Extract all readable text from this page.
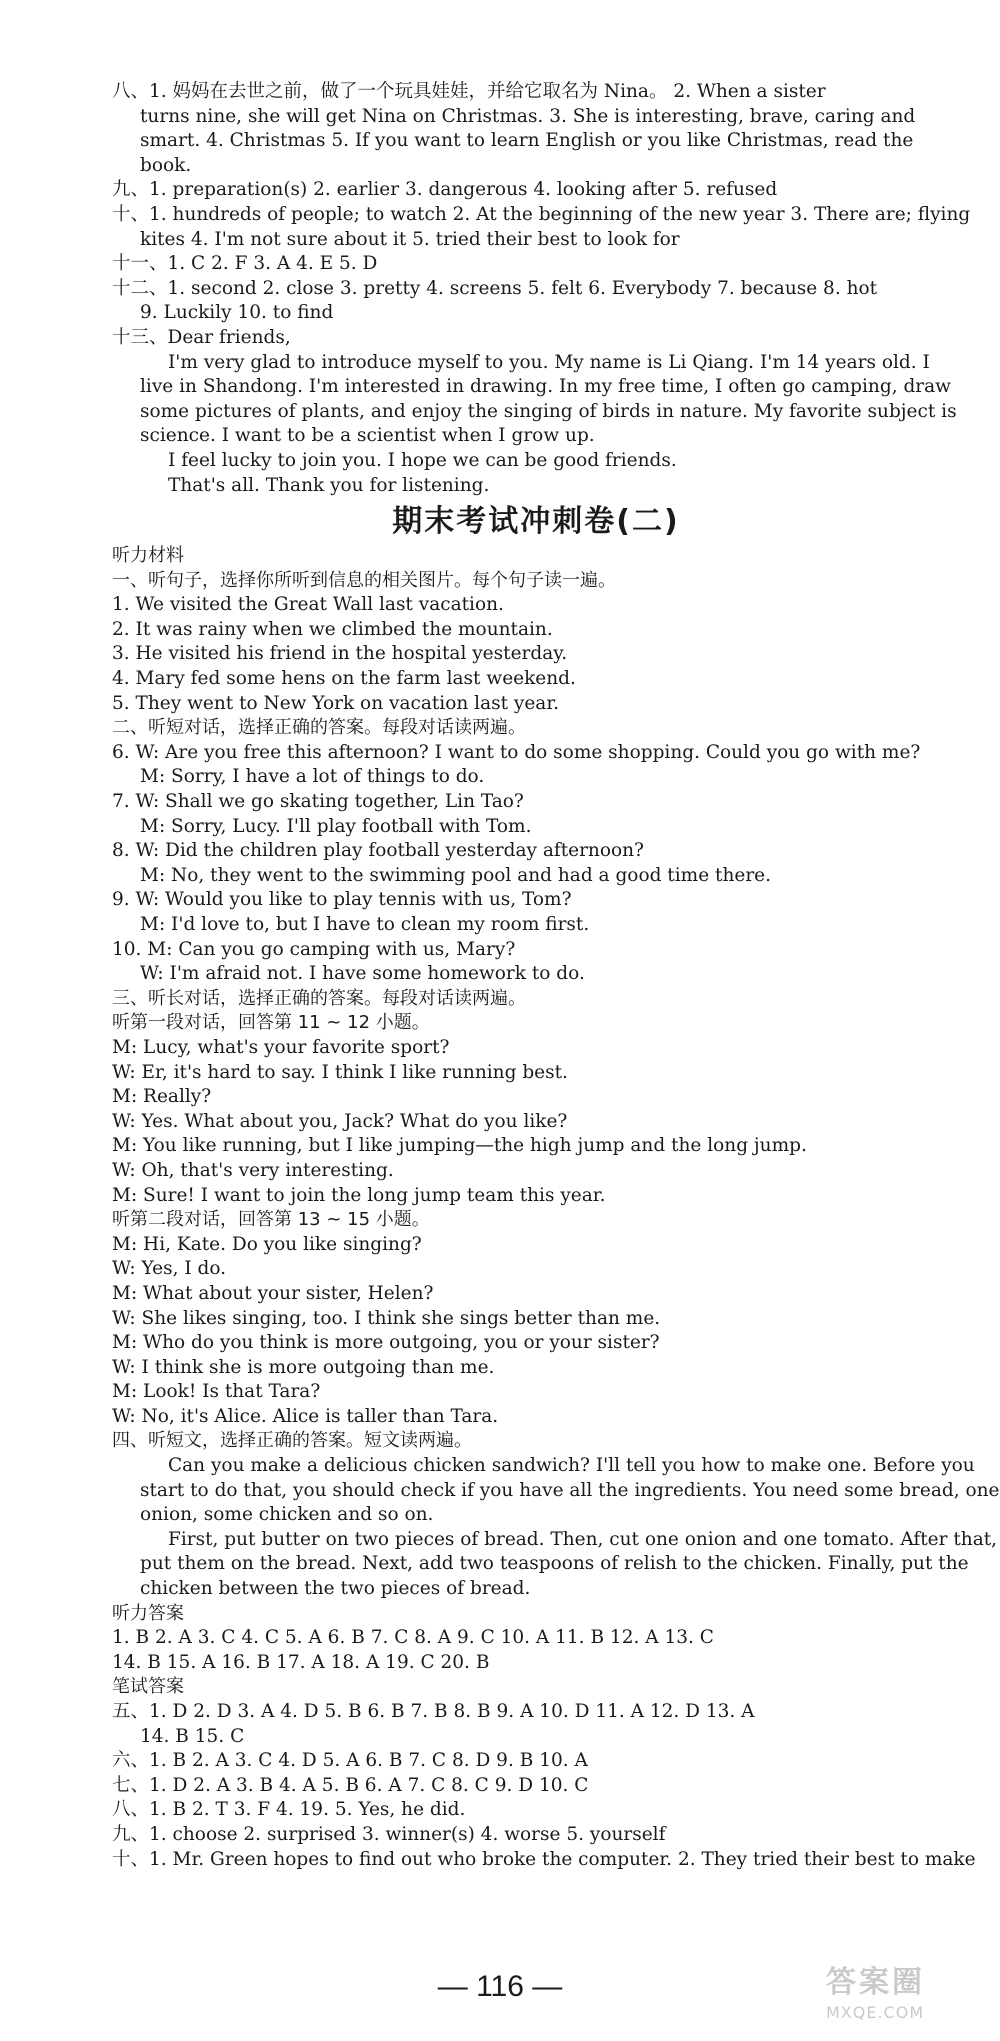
八、1. 妈妈在去世之前，做了一个玩具娃娃，并给它取名为 Nina。 2. When a sister
turns nine, she will get Nina on Christmas. 3. She is interesting, brave, caring and
smart. 4. Christmas 5. If you want to learn English or you like Christmas, read the
book.
九、1. preparation(s) 2. earlier 3. dangerous 4. looking after 5. refused
十、1. hundreds of people; to watch 2. At the beginning of the new year 3. There are; flying
kites 4. I'm not sure about it 5. tried their best to look for
十一、1. C 2. F 3. A 4. E 5. D
十二、1. second 2. close 3. pretty 4. screens 5. felt 6. Everybody 7. because 8. hot
9. Luckily 10. to find
十三、Dear friends,
I'm very glad to introduce myself to you. My name is Li Qiang. I'm 14 years old. I
live in Shandong. I'm interested in drawing. In my free time, I often go camping, draw
some pictures of plants, and enjoy the singing of birds in nature. My favorite subject is
science. I want to be a scientist when I grow up.
I feel lucky to join you. I hope we can be good friends.
That's all. Thank you for listening.
期末考试冲刺卷(二)
听力材料
一、听句子，选择你所听到信息的相关图片。每个句子读一遍。
1. We visited the Great Wall last vacation.
2. It was rainy when we climbed the mountain.
3. He visited his friend in the hospital yesterday.
4. Mary fed some hens on the farm last weekend.
5. They went to New York on vacation last year.
二、听短对话，选择正确的答案。每段对话读两遍。
6. W: Are you free this afternoon? I want to do some shopping. Could you go with me?
M: Sorry, I have a lot of things to do.
7. W: Shall we go skating together, Lin Tao?
M: Sorry, Lucy. I'll play football with Tom.
8. W: Did the children play football yesterday afternoon?
M: No, they went to the swimming pool and had a good time there.
9. W: Would you like to play tennis with us, Tom?
M: I'd love to, but I have to clean my room first.
10. M: Can you go camping with us, Mary?
W: I'm afraid not. I have some homework to do.
三、听长对话，选择正确的答案。每段对话读两遍。
听第一段对话，回答第 11 ~ 12 小题。
M: Lucy, what's your favorite sport?
W: Er, it's hard to say. I think I like running best.
M: Really?
W: Yes. What about you, Jack? What do you like?
M: You like running, but I like jumping—the high jump and the long jump.
W: Oh, that's very interesting.
M: Sure! I want to join the long jump team this year.
听第二段对话，回答第 13 ~ 15 小题。
M: Hi, Kate. Do you like singing?
W: Yes, I do.
M: What about your sister, Helen?
W: She likes singing, too. I think she sings better than me.
M: Who do you think is more outgoing, you or your sister?
W: I think she is more outgoing than me.
M: Look! Is that Tara?
W: No, it's Alice. Alice is taller than Tara.
四、听短文，选择正确的答案。短文读两遍。
Can you make a delicious chicken sandwich? I'll tell you how to make one. Before you
start to do that, you should check if you have all the ingredients. You need some bread, one
onion, some chicken and so on.
First, put butter on two pieces of bread. Then, cut one onion and one tomato. After that,
put them on the bread. Next, add two teaspoons of relish to the chicken. Finally, put the
chicken between the two pieces of bread.
听力答案
1. B 2. A 3. C 4. C 5. A 6. B 7. C 8. A 9. C 10. A 11. B 12. A 13. C
14. B 15. A 16. B 17. A 18. A 19. C 20. B
笔试答案
五、1. D 2. D 3. A 4. D 5. B 6. B 7. B 8. B 9. A 10. D 11. A 12. D 13. A
14. B 15. C
六、1. B 2. A 3. C 4. D 5. A 6. B 7. C 8. D 9. B 10. A
七、1. D 2. A 3. B 4. A 5. B 6. A 7. C 8. C 9. D 10. C
八、1. B 2. T 3. F 4. 19. 5. Yes, he did.
九、1. choose 2. surprised 3. winner(s) 4. worse 5. yourself
十、1. Mr. Green hopes to find out who broke the computer. 2. They tried their best to make
— 116 —	答案圈
MXQE.COM
